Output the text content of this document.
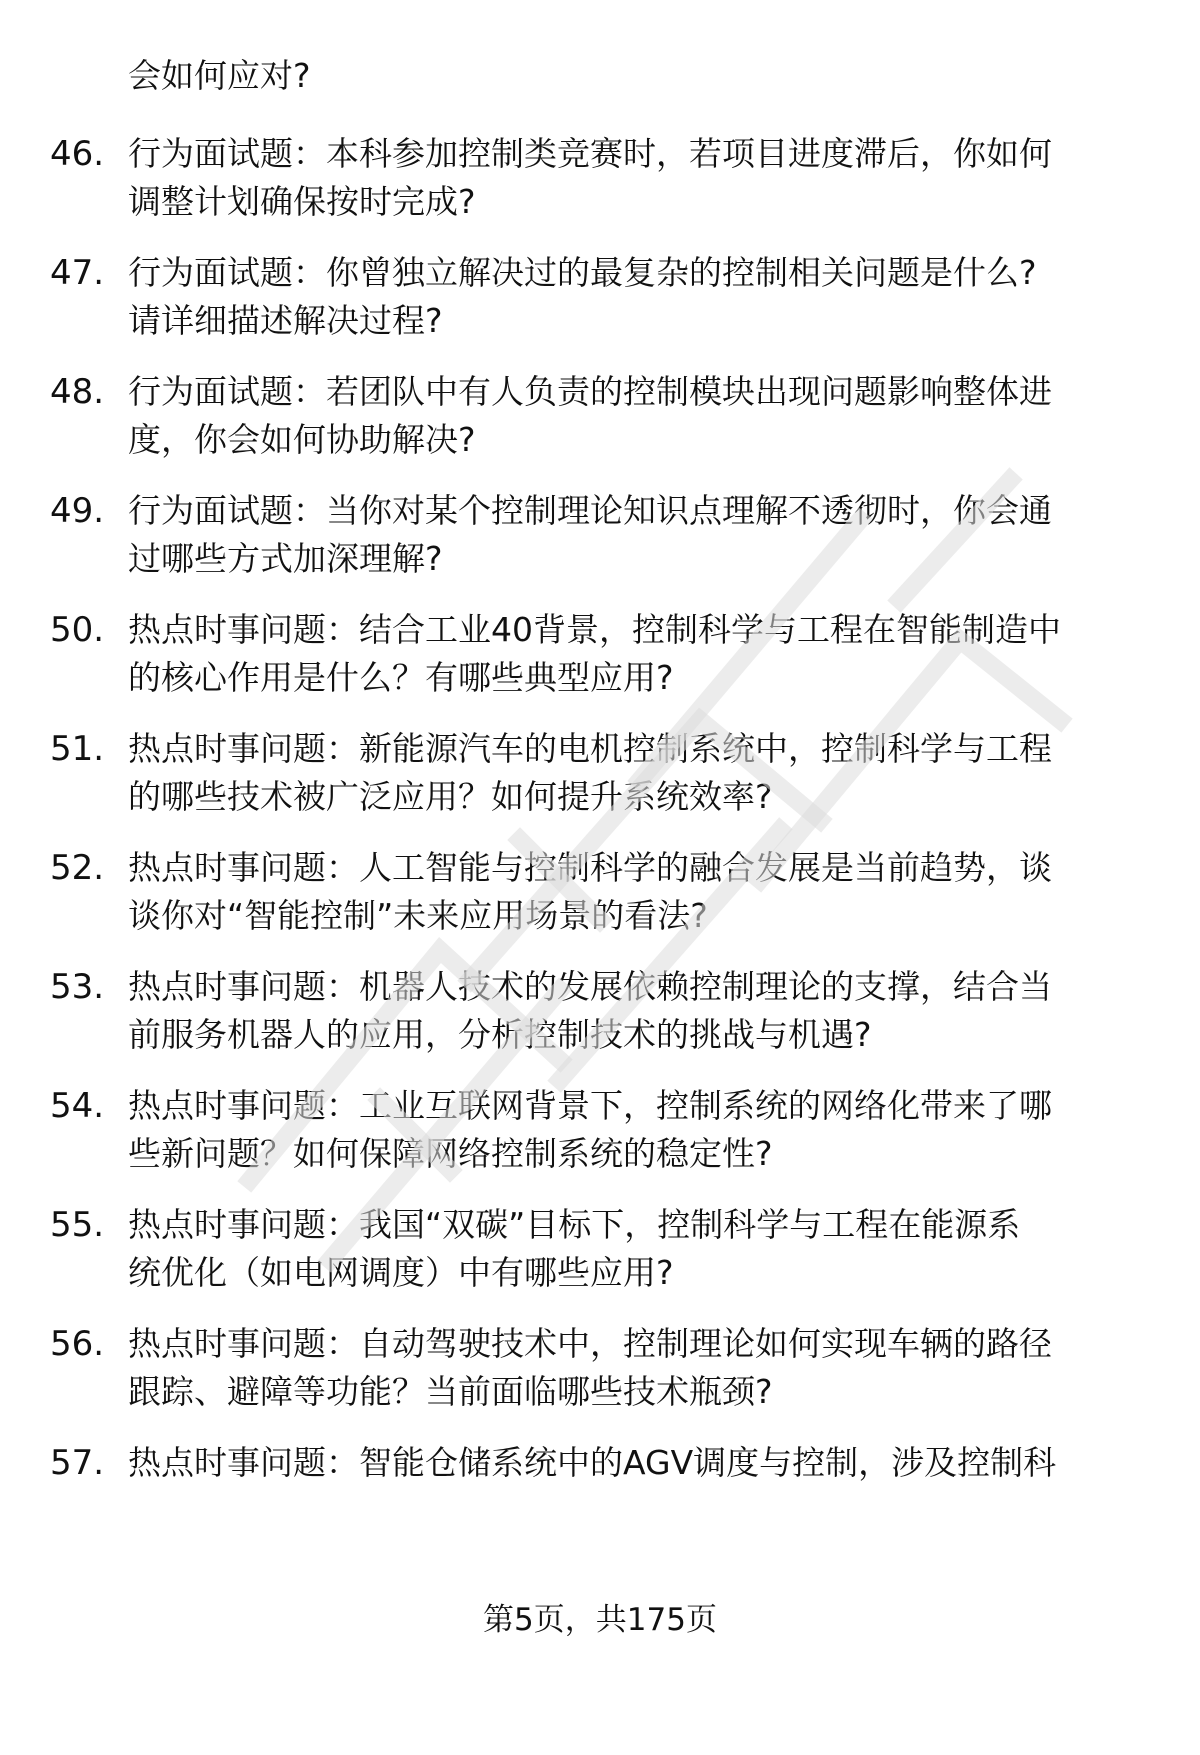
会如何应对?
46. 行为面试题：本科参加控制类竞赛时，若项目进度滞后，你如何
调整计划确保按时完成?
47. 行为面试题：你曾独立解决过的最复杂的控制相关问题是什么?
请详细描述解决过程?
48. 行为面试题：若团队中有人负责的控制模块出现问题影响整体进
度，你会如何协助解决?
49. 行为面试题：当你对某个控制理论知识点理解不透彻时，你会通
过哪些方式加深理解?
50. 热点时事问题：结合工业40背景，控制科学与工程在智能制造中
的核心作用是什么？有哪些典型应用?
51. 热点时事问题：新能源汽车的电机控制系统中，控制科学与工程
的哪些技术被广泛应用？如何提升系统效率?
52. 热点时事问题：人工智能与控制科学的融合发展是当前趋势，谈
谈你对“智能控制”未来应用场景的看法?
53. 热点时事问题：机器人技术的发展依赖控制理论的支撑，结合当
前服务机器人的应用，分析控制技术的挑战与机遇?
54. 热点时事问题：工业互联网背景下，控制系统的网络化带来了哪
些新问题？如何保障网络控制系统的稳定性?
55. 热点时事问题：我国“双碳”目标下，控制科学与工程在能源系
统优化（如电网调度）中有哪些应用?
56. 热点时事问题：自动驾驶技术中，控制理论如何实现车辆的路径
跟踪、避障等功能？当前面临哪些技术瓶颈?
57. 热点时事问题：智能仓储系统中的AGV调度与控制，涉及控制科
第5页，共175页
